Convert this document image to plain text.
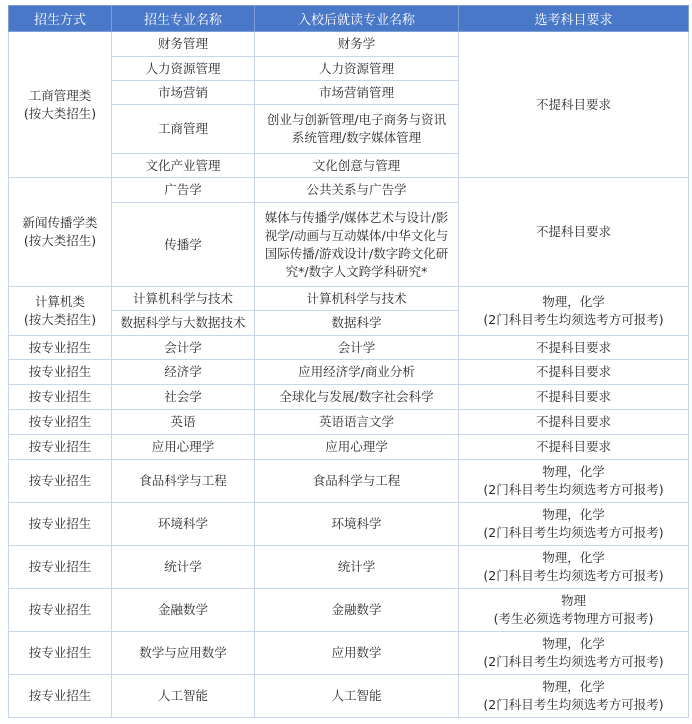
招生方式	招生专业名称	入校后就读专业名称	选考科目要求

工商管理类
(按大类招生)	财务管理	财务学	不提科目要求

	人力资源管理	人力资源管理	

	市场营销	市场营销管理	

	工商管理	创业与创新管理/电子商务与资讯
系统管理/数字媒体管理	

	文化产业管理	文化创意与管理	

新闻传播学类
(按大类招生)	广告学	公共关系与广告学	不提科目要求

	传播学	媒体与传播学/媒体艺术与设计/影
视学/动画与互动媒体/中华文化与
国际传播/游戏设计/数字跨文化研
究*/数字人文跨学科研究*	

计算机类
(按大类招生)	计算机科学与技术	计算机科学与技术	物理，化学
(2门科目考生均须选考方可报考)

	数据科学与大数据技术	数据科学	

按专业招生	会计学	会计学	不提科目要求

按专业招生	经济学	应用经济学/商业分析	不提科目要求

按专业招生	社会学	全球化与发展/数字社会科学	不提科目要求

按专业招生	英语	英语语言文学	不提科目要求

按专业招生	应用心理学	应用心理学	不提科目要求

按专业招生	食品科学与工程	食品科学与工程	物理，化学
(2门科目考生均须选考方可报考)

按专业招生	环境科学	环境科学	物理，化学
(2门科目考生均须选考方可报考)

按专业招生	统计学	统计学	物理，化学
(2门科目考生均须选考方可报考)

按专业招生	金融数学	金融数学	物理
(考生必须选考物理方可报考)

按专业招生	数学与应用数学	应用数学	物理，化学
(2门科目考生均须选考方可报考)

按专业招生	人工智能	人工智能	物理，化学
(2门科目考生均须选考方可报考)
